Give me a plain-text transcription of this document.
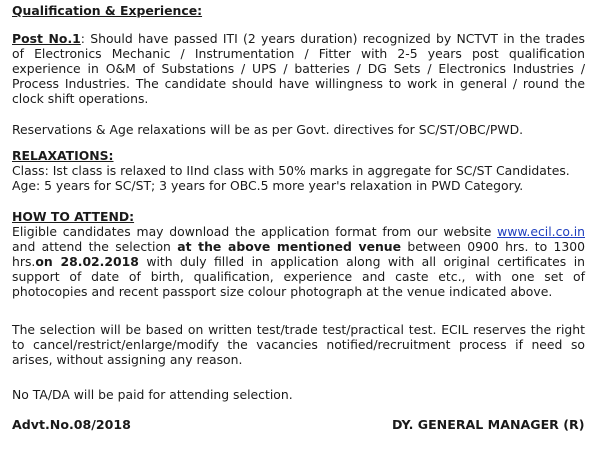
Qualification & Experience:
Post No.1: Should have passed ITI (2 years duration) recognized by NCTVT in the trades
of Electronics Mechanic / Instrumentation / Fitter with 2-5 years post qualification
experience in O&M of Substations / UPS / batteries / DG Sets / Electronics Industries /
Process Industries. The candidate should have willingness to work in general / round the
clock shift operations.
Reservations & Age relaxations will be as per Govt. directives for SC/ST/OBC/PWD.
RELAXATIONS:
Class: Ist class is relaxed to IInd class with 50% marks in aggregate for SC/ST Candidates.
Age: 5 years for SC/ST; 3 years for OBC.5 more year's relaxation in PWD Category.
HOW TO ATTEND:
Eligible candidates may download the application format from our website www.ecil.co.in
and attend the selection at the above mentioned venue between 0900 hrs. to 1300
hrs.on 28.02.2018 with duly filled in application along with all original certificates in
support of date of birth, qualification, experience and caste etc., with one set of
photocopies and recent passport size colour photograph at the venue indicated above.
The selection will be based on written test/trade test/practical test. ECIL reserves the right
to cancel/restrict/enlarge/modify the vacancies notified/recruitment process if need so
arises, without assigning any reason.
No TA/DA will be paid for attending selection.
Advt.No.08/2018	DY. GENERAL MANAGER (R)
